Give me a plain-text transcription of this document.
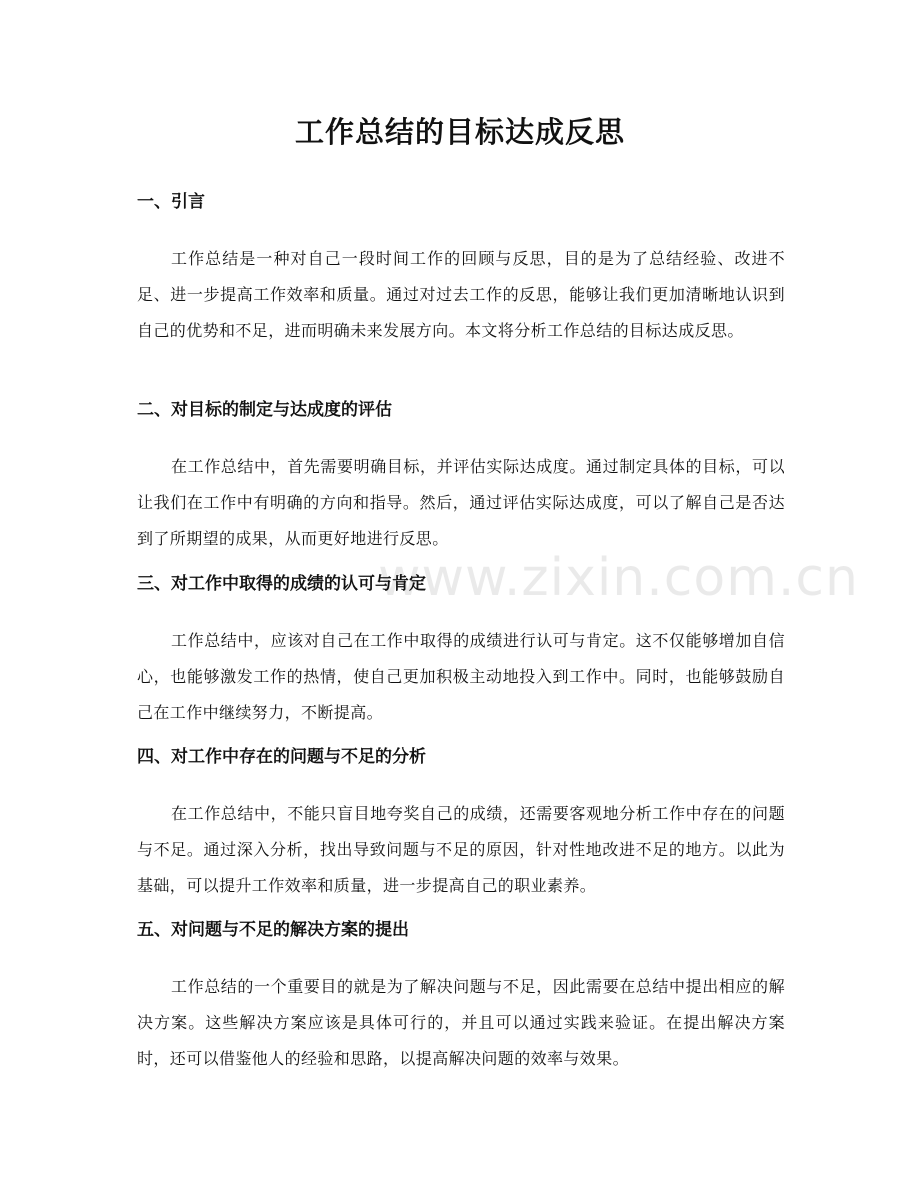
www.zixin.com.cn
工作总结的目标达成反思
一、引言

工作总结是一种对自己一段时间工作的回顾与反思，目的是为了总结经验、改进不足、进一步提高工作效率和质量。通过对过去工作的反思，能够让我们更加清晰地认识到自己的优势和不足，进而明确未来发展方向。本文将分析工作总结的目标达成反思。

二、对目标的制定与达成度的评估

在工作总结中，首先需要明确目标，并评估实际达成度。通过制定具体的目标，可以让我们在工作中有明确的方向和指导。然后，通过评估实际达成度，可以了解自己是否达到了所期望的成果，从而更好地进行反思。

三、对工作中取得的成绩的认可与肯定

工作总结中，应该对自己在工作中取得的成绩进行认可与肯定。这不仅能够增加自信心，也能够激发工作的热情，使自己更加积极主动地投入到工作中。同时，也能够鼓励自己在工作中继续努力，不断提高。

四、对工作中存在的问题与不足的分析

在工作总结中，不能只盲目地夸奖自己的成绩，还需要客观地分析工作中存在的问题与不足。通过深入分析，找出导致问题与不足的原因，针对性地改进不足的地方。以此为基础，可以提升工作效率和质量，进一步提高自己的职业素养。

五、对问题与不足的解决方案的提出

工作总结的一个重要目的就是为了解决问题与不足，因此需要在总结中提出相应的解决方案。这些解决方案应该是具体可行的，并且可以通过实践来验证。在提出解决方案时，还可以借鉴他人的经验和思路，以提高解决问题的效率与效果。
